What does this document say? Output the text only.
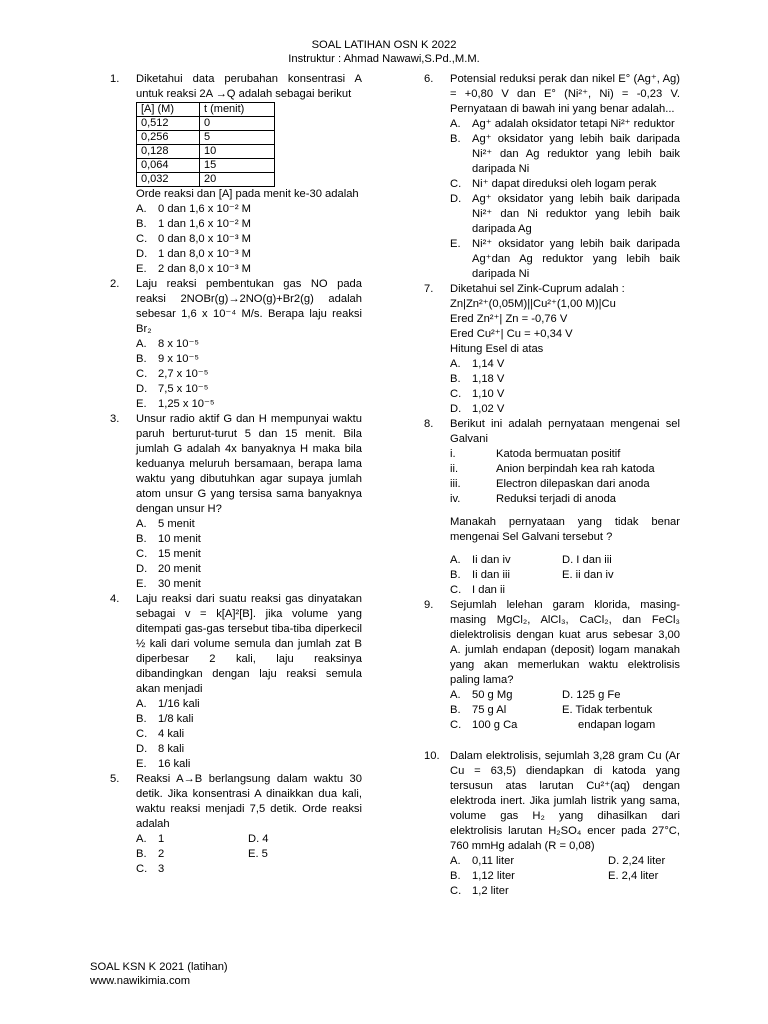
SOAL LATIHAN OSN K 2022
Instruktur : Ahmad Nawawi,S.Pd.,M.M.
1. Diketahui data perubahan konsentrasi A untuk reaksi 2A →Q adalah sebagai berikut
[A] (M)	t (menit)
0,512	0
0,256	5
0,128	10
0,064	15
0,032	20
Orde reaksi dan [A] pada menit ke-30 adalah
A. 0 dan 1,6 x 10⁻² M
B. 1 dan 1,6 x 10⁻² M
C. 0 dan 8,0 x 10⁻³ M
D. 1 dan 8,0 x 10⁻³ M
E. 2 dan 8,0 x 10⁻³ M
2. Laju reaksi pembentukan gas NO pada reaksi 2NOBr(g)→2NO(g)+Br2(g) adalah sebesar 1,6 x 10⁻⁴ M/s. Berapa laju reaksi Br₂
A. 8 x 10⁻⁵
B. 9 x 10⁻⁵
C. 2,7 x 10⁻⁵
D. 7,5 x 10⁻⁵
E. 1,25 x 10⁻⁵
3. Unsur radio aktif G dan H mempunyai waktu paruh berturut-turut 5 dan 15 menit. Bila jumlah G adalah 4x banyaknya H maka bila keduanya meluruh bersamaan, berapa lama waktu yang dibutuhkan agar supaya jumlah atom unsur G yang tersisa sama banyaknya dengan unsur H?
A. 5 menit
B. 10 menit
C. 15 menit
D. 20 menit
E. 30 menit
4. Laju reaksi dari suatu reaksi gas dinyatakan sebagai v = k[A]²[B]. jika volume yang ditempati gas-gas tersebut tiba-tiba diperkecil ½ kali dari volume semula dan jumlah zat B diperbesar 2 kali, laju reaksinya dibandingkan dengan laju reaksi semula akan menjadi
A. 1/16 kali
B. 1/8 kali
C. 4 kali
D. 8 kali
E. 16 kali
5. Reaksi A→B berlangsung dalam waktu 30 detik. Jika konsentrasi A dinaikkan dua kali, waktu reaksi menjadi 7,5 detik. Orde reaksi adalah
A. 1	D. 4
B. 2	E. 5
C. 3
6. Potensial reduksi perak dan nikel E° (Ag⁺, Ag) = +0,80 V dan E° (Ni²⁺, Ni) = -0,23 V. Pernyataan di bawah ini yang benar adalah...
A. Ag⁺ adalah oksidator tetapi Ni²⁺ reduktor
B. Ag⁺ oksidator yang lebih baik daripada Ni²⁺ dan Ag reduktor yang lebih baik daripada Ni
C. Ni⁺ dapat direduksi oleh logam perak
D. Ag⁺ oksidator yang lebih baik daripada Ni²⁺ dan Ni reduktor yang lebih baik daripada Ag
E. Ni²⁺ oksidator yang lebih baik daripada Ag⁺dan Ag reduktor yang lebih baik daripada Ni
7. Diketahui sel Zink-Cuprum adalah :
Zn|Zn²⁺(0,05M)||Cu²⁺(1,00 M)|Cu
Ered Zn²⁺| Zn = -0,76 V
Ered Cu²⁺| Cu = +0,34 V
Hitung Esel di atas
A. 1,14 V
B. 1,18 V
C. 1,10 V
D. 1,02 V
8. Berikut ini adalah pernyataan mengenai sel Galvani
i.	Katoda bermuatan positif
ii.	Anion berpindah kea rah katoda
iii.	Electron dilepaskan dari anoda
iv.	Reduksi terjadi di anoda
Manakah pernyataan yang tidak benar mengenai Sel Galvani tersebut ?
A. Ii dan iv	D. I dan iii
B. Ii dan iii	E. ii dan iv
C. I dan ii
9. Sejumlah lelehan garam klorida, masing-masing MgCl₂, AlCl₃, CaCl₂, dan FeCl₃ dielektrolisis dengan kuat arus sebesar 3,00 A. jumlah endapan (deposit) logam manakah yang akan memerlukan waktu elektrolisis paling lama?
A. 50 g Mg	D. 125 g Fe
B. 75 g Al	E. Tidak terbentuk
C. 100 g Ca	endapan logam
10. Dalam elektrolisis, sejumlah 3,28 gram Cu (Ar Cu = 63,5) diendapkan di katoda yang tersusun atas larutan Cu²⁺(aq) dengan elektroda inert. Jika jumlah listrik yang sama, volume gas H₂ yang dihasilkan dari elektrolisis larutan H₂SO₄ encer pada 27°C, 760 mmHg adalah (R = 0,08)
A. 0,11 liter	D. 2,24 liter
B. 1,12 liter	E. 2,4 liter
C. 1,2 liter
SOAL KSN K 2021 (latihan)
www.nawikimia.com
